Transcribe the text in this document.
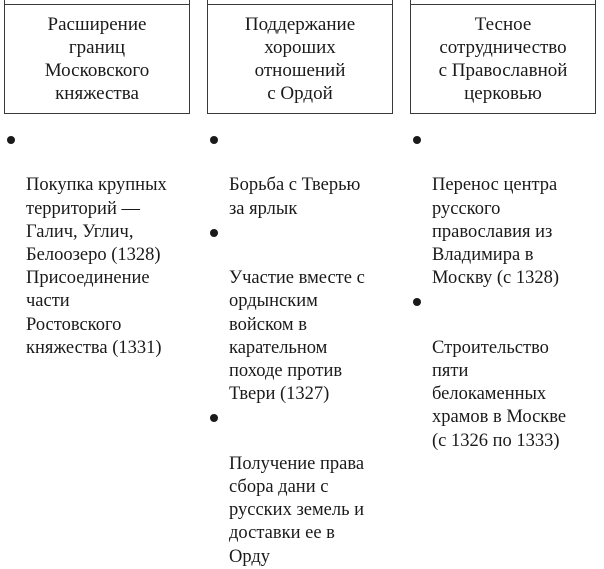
Расширение
границ
Московского
княжества

Покупка крупных
территорий —
Галич, Углич,
Белоозеро (1328)
Присоединение
части
Ростовского
княжества (1331)

Поддержание
хороших
отношений
с Ордой

Борьба с Тверью
за ярлык

Участие вместе с
ордынским
войском в
карательном
походе против
Твери (1327)

Получение права
сбора дани с
русских земель и
доставки ее в
Орду

Тесное
сотрудничество
с Православной
церковью

Перенос центра
русского
православия из
Владимира в
Москву (с 1328)

Строительство
пяти
белокаменных
храмов в Москве
(с 1326 по 1333)
